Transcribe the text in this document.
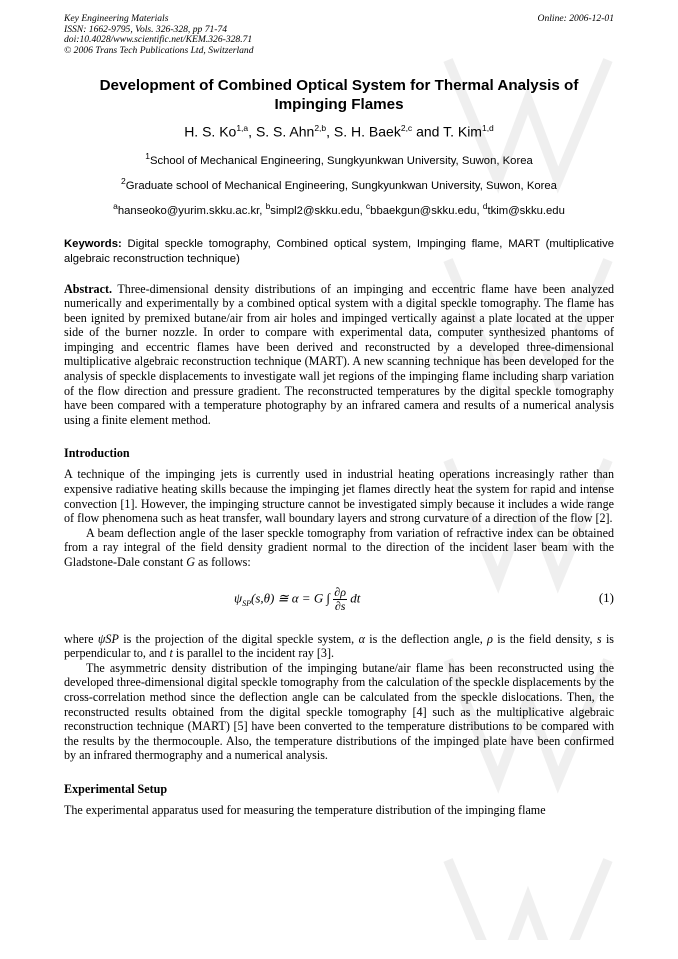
Key Engineering Materials
ISSN: 1662-9795, Vols. 326-328, pp 71-74
doi:10.4028/www.scientific.net/KEM.326-328.71
© 2006 Trans Tech Publications Ltd, Switzerland
Online: 2006-12-01
Development of Combined Optical System for Thermal Analysis of Impinging Flames
H. S. Ko$^{1,a}$, S. S. Ahn$^{2,b}$, S. H. Baek$^{2,c}$ and T. Kim$^{1,d}$
$^1$School of Mechanical Engineering, Sungkyunkwan University, Suwon, Korea
$^2$Graduate school of Mechanical Engineering, Sungkyunkwan University, Suwon, Korea
$^a$hanseoko@yurim.skku.ac.kr, $^b$simpl2@skku.edu, $^c$bbaekgun@skku.edu, $^d$tkim@skku.edu
Keywords: Digital speckle tomography, Combined optical system, Impinging flame, MART (multiplicative algebraic reconstruction technique)
Abstract. Three-dimensional density distributions of an impinging and eccentric flame have been analyzed numerically and experimentally by a combined optical system with a digital speckle tomography. The flame has been ignited by premixed butane/air from air holes and impinged vertically against a plate located at the upper side of the burner nozzle. In order to compare with experimental data, computer synthesized phantoms of impinging and eccentric flames have been derived and reconstructed by a developed three-dimensional multiplicative algebraic reconstruction technique (MART). A new scanning technique has been developed for the analysis of speckle displacements to investigate wall jet regions of the impinging flame including sharp variation of the flow direction and pressure gradient. The reconstructed temperatures by the digital speckle tomography have been compared with a temperature photography by an infrared camera and results of a numerical analysis using a finite element method.
Introduction
A technique of the impinging jets is currently used in industrial heating operations increasingly rather than expensive radiative heating skills because the impinging jet flames directly heat the system for rapid and intense convection [1]. However, the impinging structure cannot be investigated simply because it includes a wide range of flow phenomena such as heat transfer, wall boundary layers and strong curvature of a direction of the flow [2].
A beam deflection angle of the laser speckle tomography from variation of refractive index can be obtained from a ray integral of the field density gradient normal to the direction of the incident laser beam with the Gladstone-Dale constant G as follows:
$\psi_{SP}(s,\theta)$ ≅ α = G ∫ $\frac{\partial\rho}{\partial s}$ dt	(1)
where ψSP is the projection of the digital speckle system, α is the deflection angle, ρ is the field density, s is perpendicular to, and t is parallel to the incident ray [3].
The asymmetric density distribution of the impinging butane/air flame has been reconstructed using the developed three-dimensional digital speckle tomography from the calculation of the speckle displacements by the cross-correlation method since the deflection angle can be calculated from the speckle dislocations. Then, the reconstructed results obtained from the digital speckle tomography [4] such as the multiplicative algebraic reconstruction technique (MART) [5] have been converted to the temperature distributions to be compared with the results by the thermocouple. Also, the temperature distributions of the impinged plate have been confirmed by an infrared thermography and a numerical analysis.
Experimental Setup
The experimental apparatus used for measuring the temperature distribution of the impinging flame
